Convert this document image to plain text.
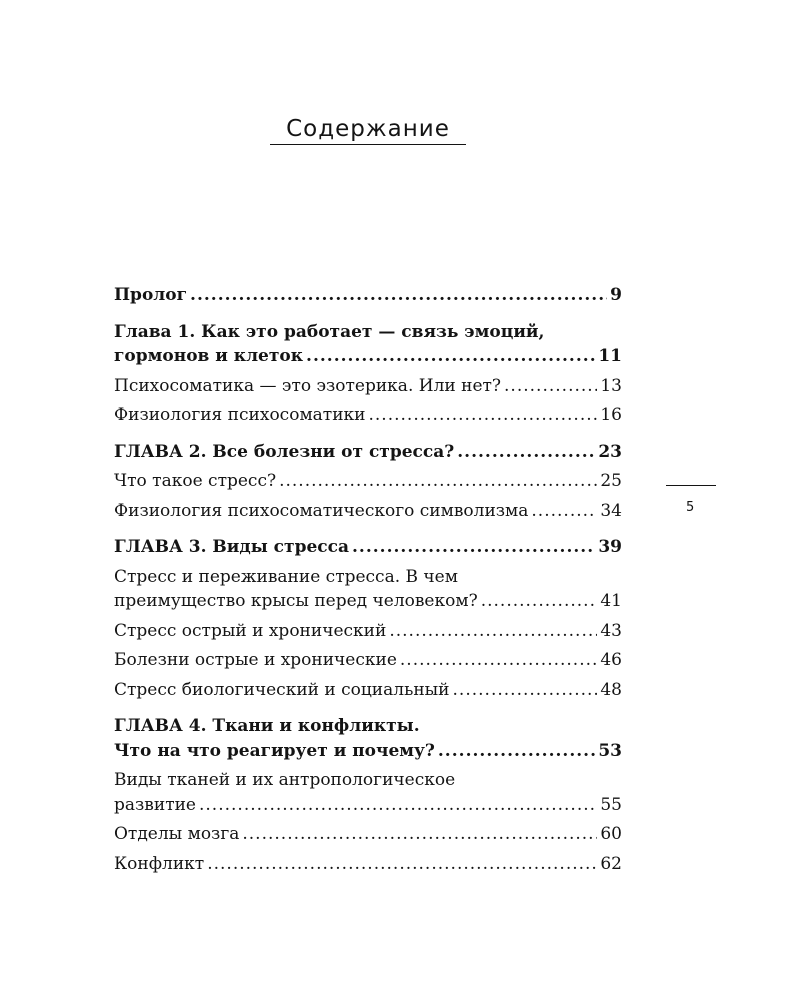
Содержание
Пролог .....	9
Глава 1. Как это работает — связь эмоций,
гормонов и клеток .....	11
Психосоматика — это эзотерика. Или нет? .....	13
Физиология психосоматики .....	16
ГЛАВА 2. Все болезни от стресса? .....	23
Что такое стресс? .....	25
Физиология психосоматического символизма .....	34
ГЛАВА 3. Виды стресса .....	39
Стресс и переживание стресса. В чем
преимущество крысы перед человеком? .....	41
Стресс острый и хронический .....	43
Болезни острые и хронические .....	46
Стресс биологический и социальный .....	48
ГЛАВА 4. Ткани и конфликты.
Что на что реагирует и почему? .....	53
Виды тканей и их антропологическое
развитие .....	55
Отделы мозга .....	60
Конфликт .....	62
5
